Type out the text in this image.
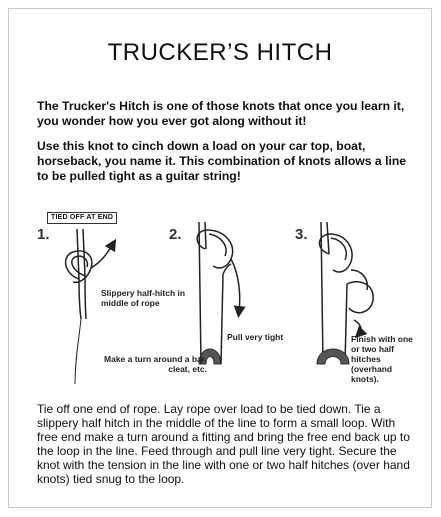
TRUCKER’S HITCH
The Trucker's Hitch is one of those knots that once you learn it, you wonder how you ever got along without it!
Use this knot to cinch down a load on your car top, boat, horseback, you name it. This combination of knots allows a line to be pulled tight as a guitar string!
1.
TIED OFF AT END
Slippery half-hitch in middle of rope
Make a turn around a bar, cleat, etc.
2.
Pull very tight
3.
Finish with one or two half hitches (overhand knots).
Tie off one end of rope. Lay rope over load to be tied down. Tie a slippery half hitch in the middle of the line to form a small loop. With free end make a turn around a fitting and bring the free end back up to the loop in the line. Feed through and pull line very tight. Secure the knot with the tension in the line with one or two half hitches (over hand knots) tied snug to the loop.
